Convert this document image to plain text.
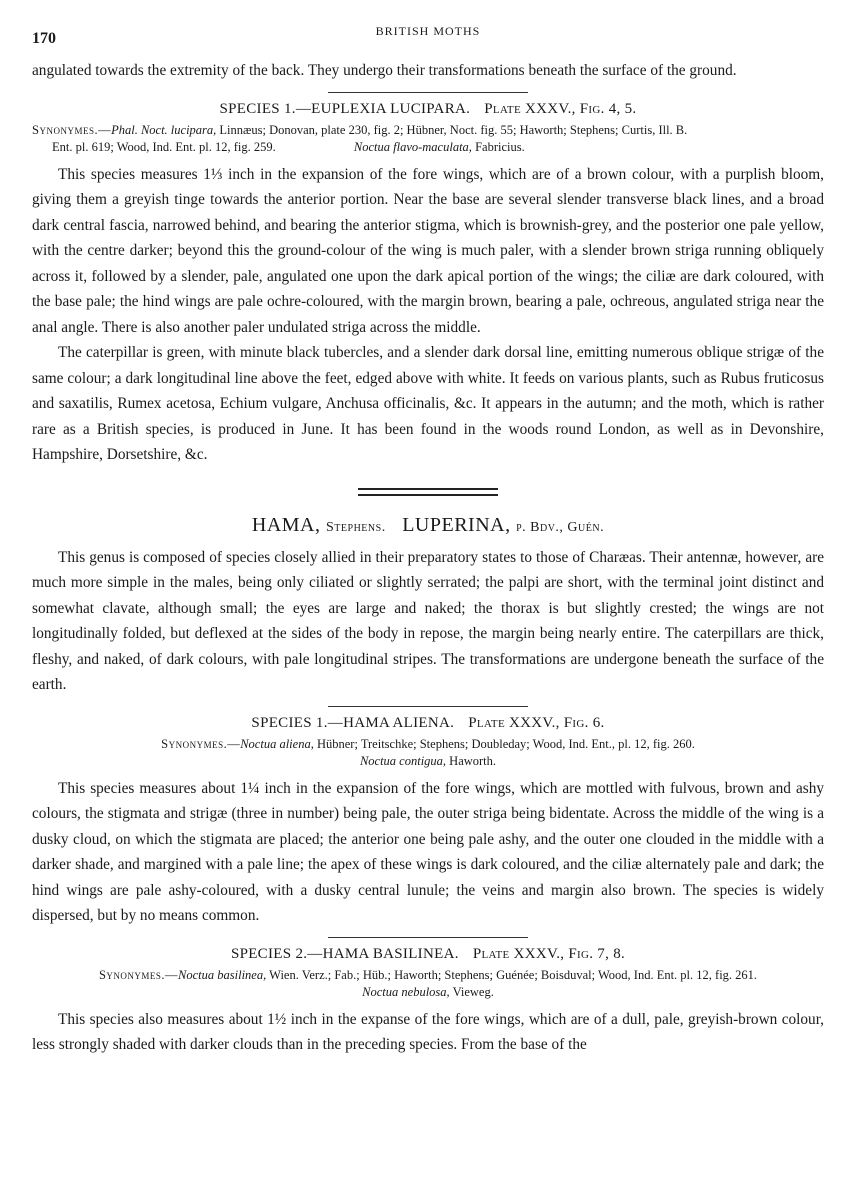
170	BRITISH MOTHS

angulated towards the extremity of the back. They undergo their transformations beneath the surface of the ground.

SPECIES 1.—EUPLEXIA LUCIPARA. Plate XXXV., Fig. 4, 5.
Synonymes.—Phal. Noct. lucipara, Linnæus; Donovan, plate 230, fig. 2; Hübner, Noct. fig. 55; Haworth; Stephens; Curtis, Ill. B.
Ent. pl. 619; Wood, Ind. Ent. pl. 12, fig. 259.	Noctua flavo-maculata, Fabricius.

This species measures 1⅓ inch in the expansion of the fore wings, which are of a brown colour, with a purplish bloom, giving them a greyish tinge towards the anterior portion. Near the base are several slender transverse black lines, and a broad dark central fascia, narrowed behind, and bearing the anterior stigma, which is brownish-grey, and the posterior one pale yellow, with the centre darker; beyond this the ground-colour of the wing is much paler, with a slender brown striga running obliquely across it, followed by a slender, pale, angulated one upon the dark apical portion of the wings; the ciliæ are dark coloured, with the base pale; the hind wings are pale ochre-coloured, with the margin brown, bearing a pale, ochreous, angulated striga near the anal angle. There is also another paler undulated striga across the middle.

The caterpillar is green, with minute black tubercles, and a slender dark dorsal line, emitting numerous oblique strigæ of the same colour; a dark longitudinal line above the feet, edged above with white. It feeds on various plants, such as Rubus fruticosus and saxatilis, Rumex acetosa, Echium vulgare, Anchusa officinalis, &c. It appears in the autumn; and the moth, which is rather rare as a British species, is produced in June. It has been found in the woods round London, as well as in Devonshire, Hampshire, Dorsetshire, &c.

HAMA, Stephens. LUPERINA, p. Bdv., Guén.

This genus is composed of species closely allied in their preparatory states to those of Charæas. Their antennæ, however, are much more simple in the males, being only ciliated or slightly serrated; the palpi are short, with the terminal joint distinct and somewhat clavate, although small; the eyes are large and naked; the thorax is but slightly crested; the wings are not longitudinally folded, but deflexed at the sides of the body in repose, the margin being nearly entire. The caterpillars are thick, fleshy, and naked, of dark colours, with pale longitudinal stripes. The transformations are undergone beneath the surface of the earth.

SPECIES 1.—HAMA ALIENA. Plate XXXV., Fig. 6.
Synonymes.—Noctua aliena, Hübner; Treitschke; Stephens; Doubleday; Wood, Ind. Ent., pl. 12, fig. 260.
Noctua contigua, Haworth.

This species measures about 1¼ inch in the expansion of the fore wings, which are mottled with fulvous, brown and ashy colours, the stigmata and strigæ (three in number) being pale, the outer striga being bidentate. Across the middle of the wing is a dusky cloud, on which the stigmata are placed; the anterior one being pale ashy, and the outer one clouded in the middle with a darker shade, and margined with a pale line; the apex of these wings is dark coloured, and the ciliæ alternately pale and dark; the hind wings are pale ashy-coloured, with a dusky central lunule; the veins and margin also brown. The species is widely dispersed, but by no means common.

SPECIES 2.—HAMA BASILINEA. Plate XXXV., Fig. 7, 8.
Synonymes.—Noctua basilinea, Wien. Verz.; Fab.; Hüb.; Haworth; Stephens; Guénée; Boisduval; Wood, Ind. Ent. pl. 12, fig. 261.
Noctua nebulosa, Vieweg.

This species also measures about 1½ inch in the expanse of the fore wings, which are of a dull, pale, greyish-brown colour, less strongly shaded with darker clouds than in the preceding species. From the base of the
